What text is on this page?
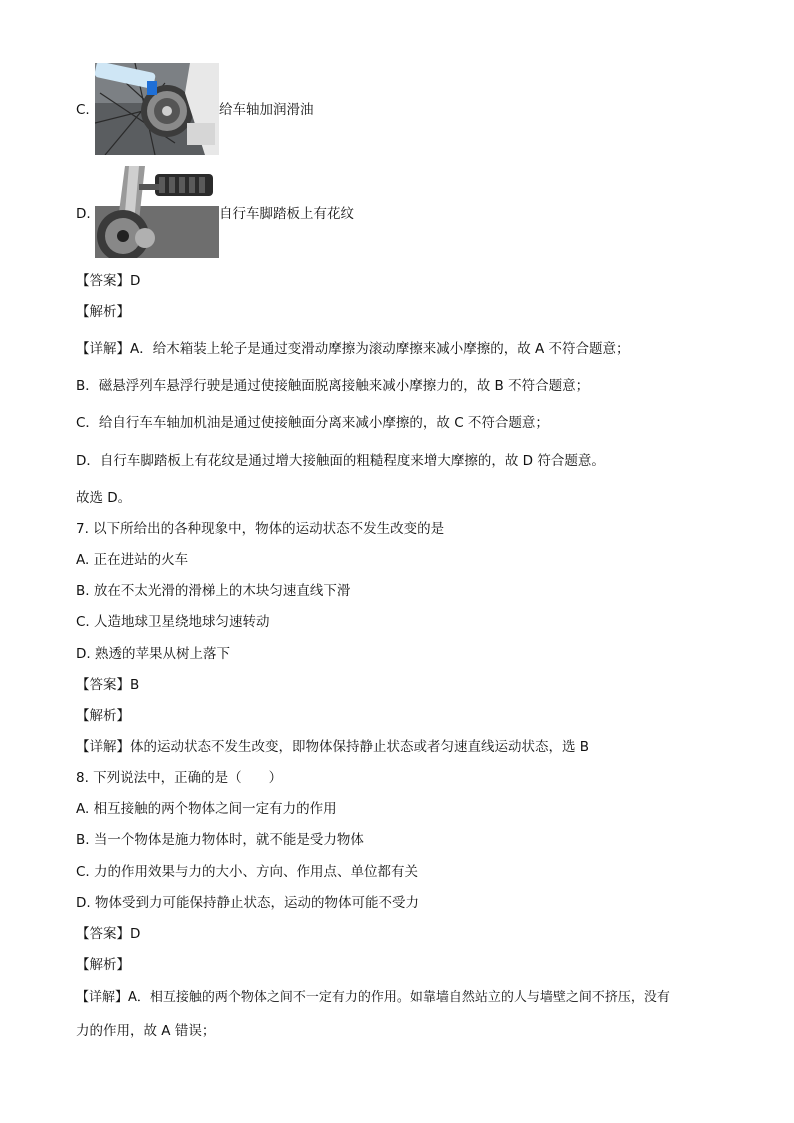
C.	给车轴加润滑油
D.	自行车脚踏板上有花纹
【答案】D
【解析】
【详解】A．给木箱装上轮子是通过变滑动摩擦为滚动摩擦来减小摩擦的，故 A 不符合题意；
B．磁悬浮列车悬浮行驶是通过使接触面脱离接触来减小摩擦力的，故 B 不符合题意；
C．给自行车车轴加机油是通过使接触面分离来减小摩擦的，故 C 不符合题意；
D．自行车脚踏板上有花纹是通过增大接触面的粗糙程度来增大摩擦的，故 D 符合题意。
故选 D。
7. 以下所给出的各种现象中，物体的运动状态不发生改变的是
A. 正在进站的火车
B. 放在不太光滑的滑梯上的木块匀速直线下滑
C. 人造地球卫星绕地球匀速转动
D. 熟透的苹果从树上落下
【答案】B
【解析】
【详解】体的运动状态不发生改变，即物体保持静止状态或者匀速直线运动状态，选 B
8. 下列说法中，正确的是（　　）
A. 相互接触的两个物体之间一定有力的作用
B. 当一个物体是施力物体时，就不能是受力物体
C. 力的作用效果与力的大小、方向、作用点、单位都有关
D. 物体受到力可能保持静止状态，运动的物体可能不受力
【答案】D
【解析】
【详解】A．相互接触的两个物体之间不一定有力的作用。如靠墙自然站立的人与墙壁之间不挤压，没有
力的作用，故 A 错误；
